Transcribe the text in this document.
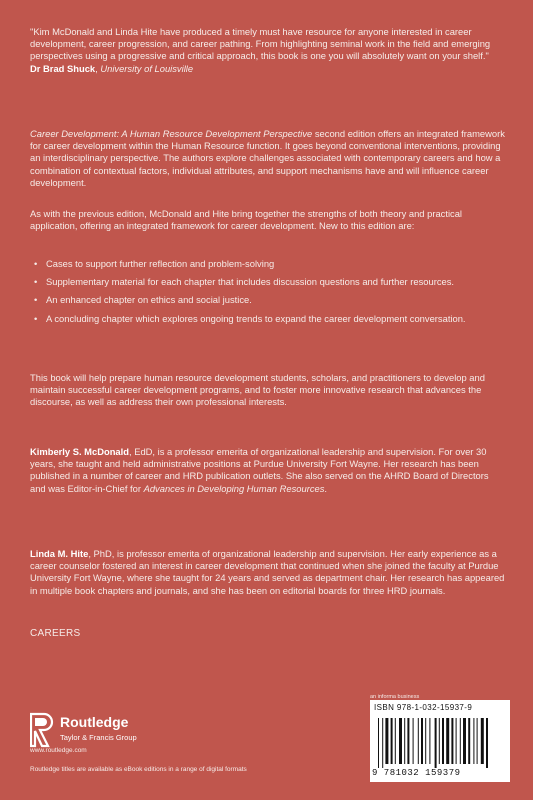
"Kim McDonald and Linda Hite have produced a timely must have resource for anyone interested in career development, career progression, and career pathing. From highlighting seminal work in the field and emerging perspectives using a progressive and critical approach, this book is one you will absolutely want on your shelf."

Dr Brad Shuck, University of Louisville

Career Development: A Human Resource Development Perspective second edition offers an integrated framework for career development within the Human Resource function. It goes beyond conventional interventions, providing an interdisciplinary perspective. The authors explore challenges associated with contemporary careers and how a combination of contextual factors, individual attributes, and support mechanisms have and will influence career development.

As with the previous edition, McDonald and Hite bring together the strengths of both theory and practical application, offering an integrated framework for career development. New to this edition are:

• Cases to support further reflection and problem-solving
• Supplementary material for each chapter that includes discussion questions and further resources.
• An enhanced chapter on ethics and social justice.
• A concluding chapter which explores ongoing trends to expand the career development conversation.

This book will help prepare human resource development students, scholars, and practitioners to develop and maintain successful career development programs, and to foster more innovative research that advances the discourse, as well as address their own professional interests.

Kimberly S. McDonald, EdD, is a professor emerita of organizational leadership and supervision. For over 30 years, she taught and held administrative positions at Purdue University Fort Wayne. Her research has been published in a number of career and HRD publication outlets. She also served on the AHRD Board of Directors and was Editor-in-Chief for Advances in Developing Human Resources.

Linda M. Hite, PhD, is professor emerita of organizational leadership and supervision. Her early experience as a career counselor fostered an interest in career development that continued when she joined the faculty at Purdue University Fort Wayne, where she taught for 24 years and served as department chair. Her research has appeared in multiple book chapters and journals, and she has been on editorial boards for three HRD journals.

CAREERS
Routledge
Taylor & Francis Group
www.routledge.com
Routledge titles are available as eBook editions in a range of digital formats
an informa business
ISBN 978-1-032-15937-9
9 781032 159379
